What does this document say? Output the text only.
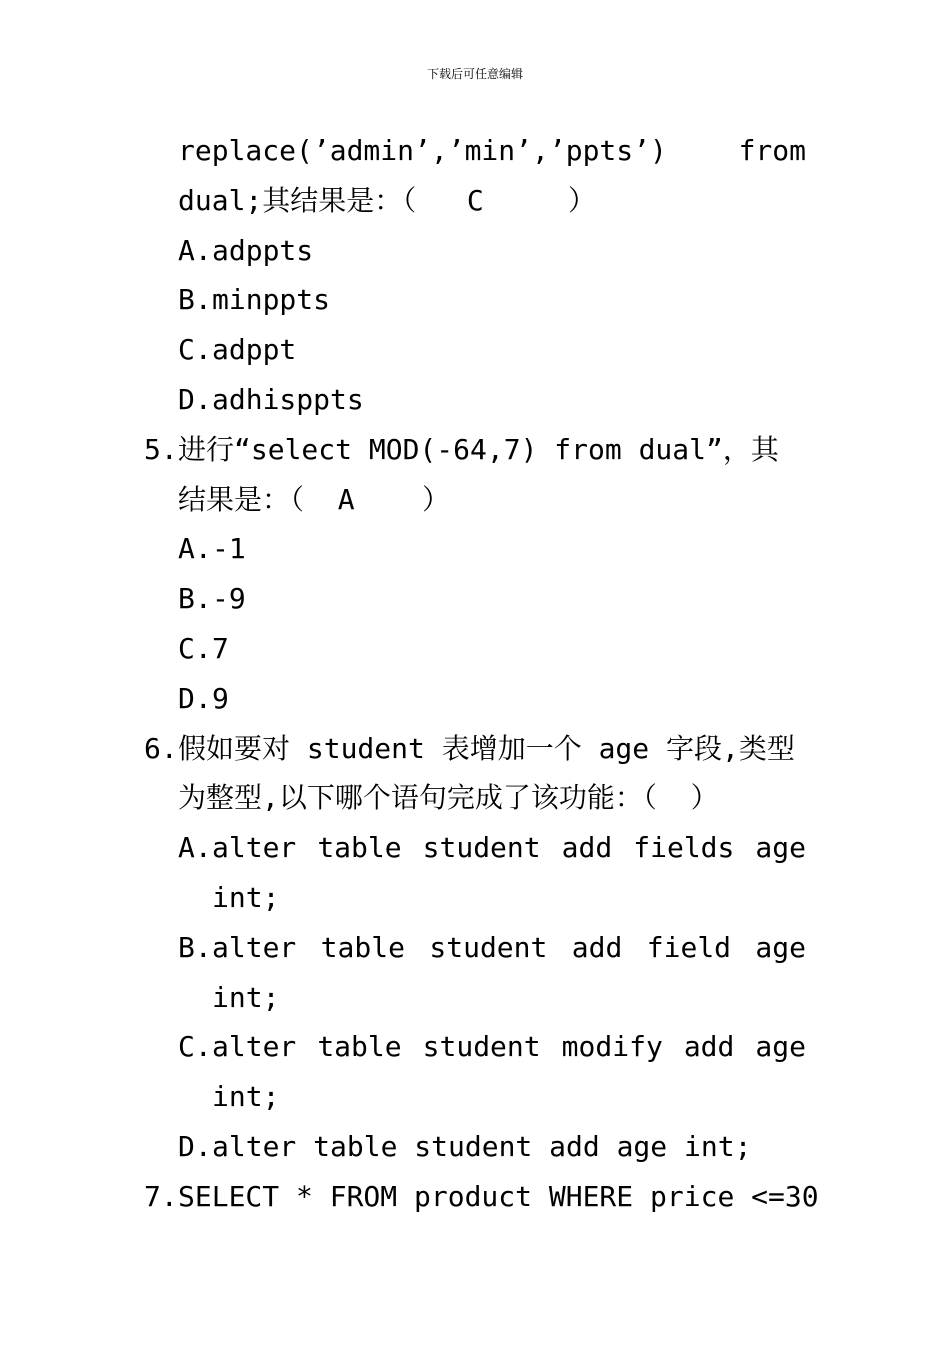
下载后可任意编辑

replace(’admin’,’min’,’ppts’)

	from

dual;其结果是：（   C     ）

A.

adppts

B.

minppts

C.

adppt

D.

adhisppts

5.

进行“select MOD(-64,7) from dual”，其

结果是：（  A    ）

A.

-1

B.

-9

C.

7

D.

9

6.

假如要对 student 表增加一个 age 字段,类型

为整型,以下哪个语句完成了该功能：（  ）

A.

alter table student add fields age

int;

B.

alter table student add field age

int;

C.

alter table student modify add age

int;

D.

alter table student add age int;

7.

SELECT * FROM product WHERE price <=30
